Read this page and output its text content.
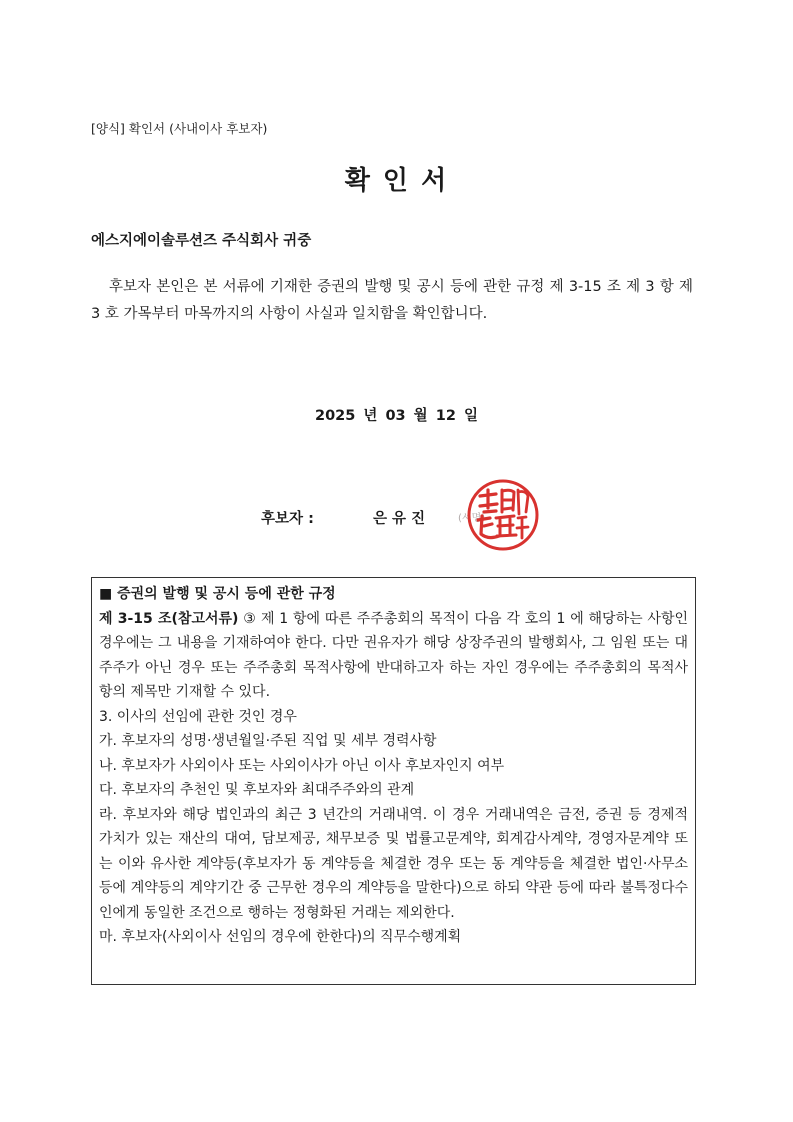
[양식] 확인서 (사내이사 후보자)
확 인 서
에스지에이솔루션즈 주식회사 귀중
후보자 본인은 본 서류에 기재한 증권의 발행 및 공시 등에 관한 규정 제 3-15 조 제 3 항 제 3 호 가목부터 마목까지의 사항이 사실과 일치함을 확인합니다.
2025 년 03 월 12 일
후보자 :	은 유 진	(서명)
■ 증권의 발행 및 공시 등에 관한 규정
제 3-15 조(참고서류) ③ 제 1 항에 따른 주주총회의 목적이 다음 각 호의 1 에 해당하는 사항인 경우에는 그 내용을 기재하여야 한다. 다만 권유자가 해당 상장주권의 발행회사, 그 임원 또는 대주주가 아닌 경우 또는 주주총회 목적사항에 반대하고자 하는 자인 경우에는 주주총회의 목적사항의 제목만 기재할 수 있다.
3. 이사의 선임에 관한 것인 경우
가. 후보자의 성명·생년월일·주된 직업 및 세부 경력사항
나. 후보자가 사외이사 또는 사외이사가 아닌 이사 후보자인지 여부
다. 후보자의 추천인 및 후보자와 최대주주와의 관계
라. 후보자와 해당 법인과의 최근 3 년간의 거래내역. 이 경우 거래내역은 금전, 증권 등 경제적 가치가 있는 재산의 대여, 담보제공, 채무보증 및 법률고문계약, 회계감사계약, 경영자문계약 또는 이와 유사한 계약등(후보자가 동 계약등을 체결한 경우 또는 동 계약등을 체결한 법인·사무소 등에 계약등의 계약기간 중 근무한 경우의 계약등을 말한다)으로 하되 약관 등에 따라 불특정다수인에게 동일한 조건으로 행하는 정형화된 거래는 제외한다.
마. 후보자(사외이사 선임의 경우에 한한다)의 직무수행계획
